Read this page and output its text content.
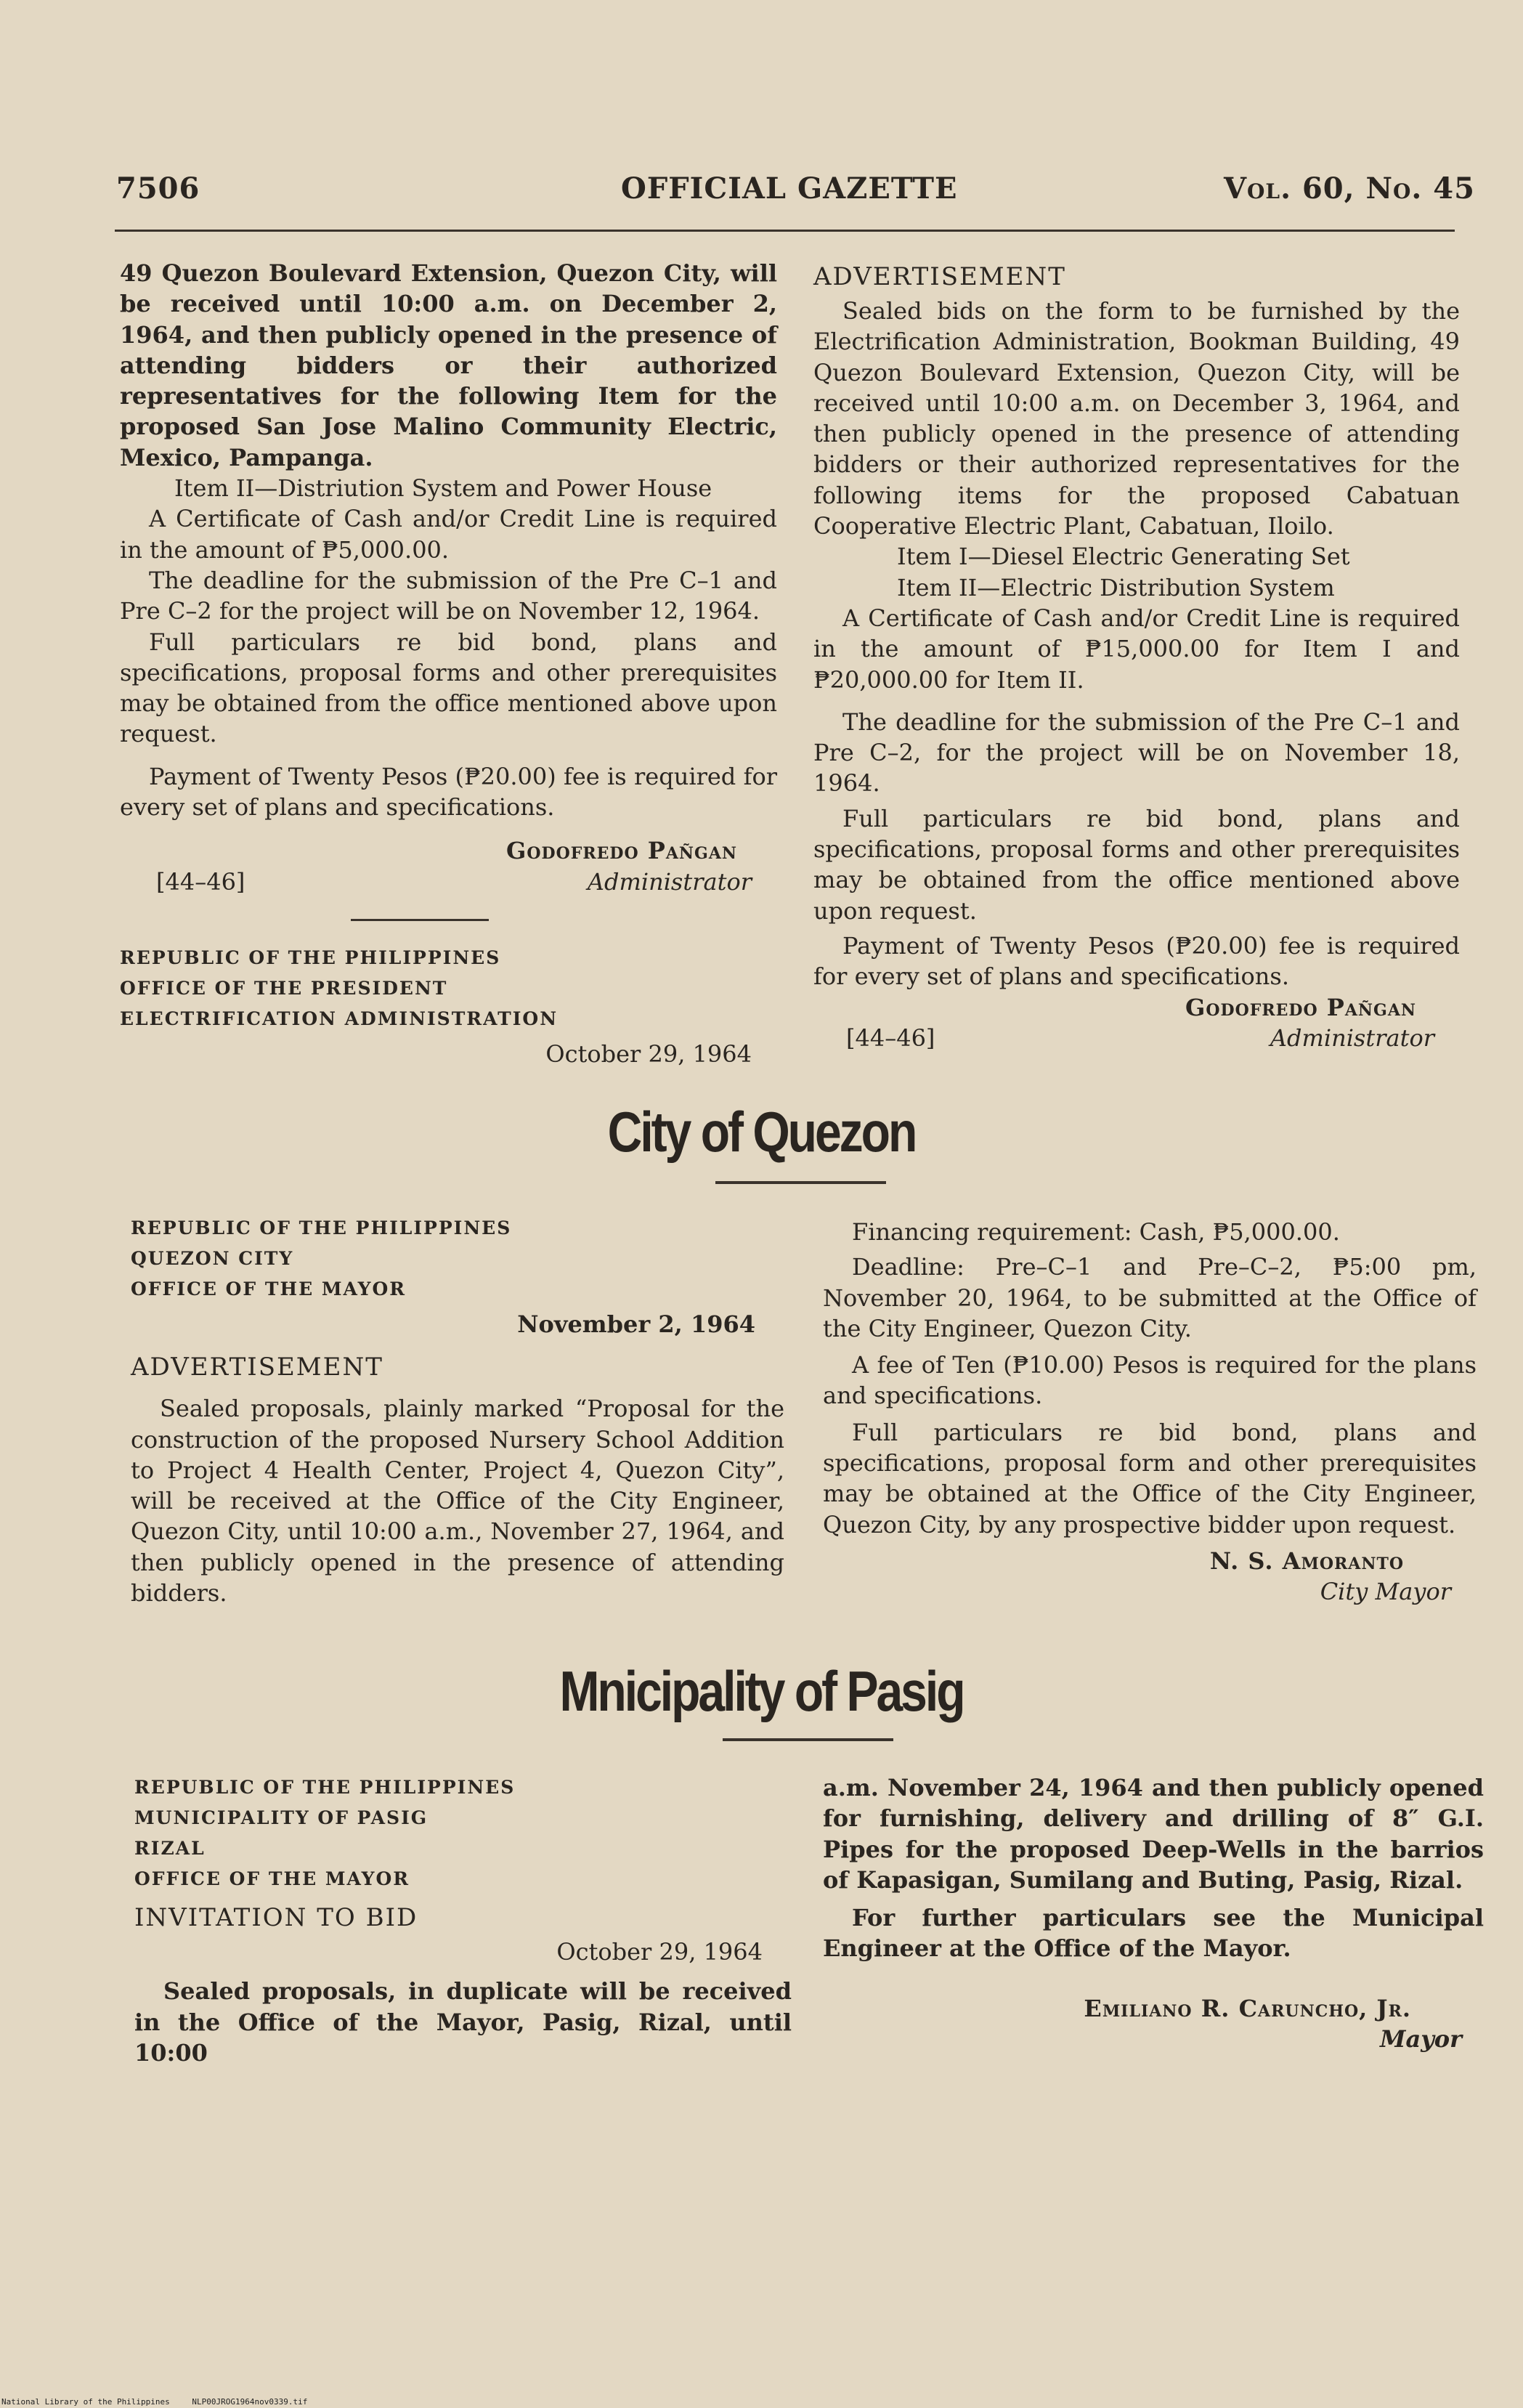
7506	OFFICIAL GAZETTE	Vol. 60, No. 45

49 Quezon Boulevard Extension, Quezon City, will be received until 10:00 a.m. on December 2, 1964, and then publicly opened in the presence of attending bidders or their authorized representatives for the following Item for the proposed San Jose Malino Community Electric, Mexico, Pampanga.

Item II—Distriution System and Power House

A Certificate of Cash and/or Credit Line is required in the amount of ₱5,000.00.

The deadline for the submission of the Pre C–1 and Pre C–2 for the project will be on November 12, 1964.

Full particulars re bid bond, plans and specifications, proposal forms and other prerequisites may be obtained from the office mentioned above upon request.

Payment of Twenty Pesos (₱20.00) fee is required for every set of plans and specifications.

Godofredo Pañgan

[44–46]	Administrator

REPUBLIC OF THE PHILIPPINES

OFFICE OF THE PRESIDENT

ELECTRIFICATION ADMINISTRATION

October 29, 1964

ADVERTISEMENT

Sealed bids on the form to be furnished by the Electrification Administration, Bookman Building, 49 Quezon Boulevard Extension, Quezon City, will be received until 10:00 a.m. on December 3, 1964, and then publicly opened in the presence of attending bidders or their authorized representatives for the following items for the proposed Cabatuan Cooperative Electric Plant, Cabatuan, Iloilo.

Item I—Diesel Electric Generating Set

Item II—Electric Distribution System

A Certificate of Cash and/or Credit Line is required in the amount of ₱15,000.00 for Item I and ₱20,000.00 for Item II.

The deadline for the submission of the Pre C–1 and Pre C–2, for the project will be on November 18, 1964.

Full particulars re bid bond, plans and specifications, proposal forms and other prerequisites may be obtained from the office mentioned above upon request.

Payment of Twenty Pesos (₱20.00) fee is required for every set of plans and specifications.

Godofredo Pañgan

[44–46]	Administrator
City of Quezon

REPUBLIC OF THE PHILIPPINES

QUEZON CITY

OFFICE OF THE MAYOR

November 2, 1964

ADVERTISEMENT

Sealed proposals, plainly marked “Proposal for the construction of the proposed Nursery School Addition to Project 4 Health Center, Project 4, Quezon City”, will be received at the Office of the City Engineer, Quezon City, until 10:00 a.m., November 27, 1964, and then publicly opened in the presence of attending bidders.

Financing requirement: Cash, ₱5,000.00.

Deadline: Pre–C–1 and Pre–C–2, ₱5:00 pm, November 20, 1964, to be submitted at the Office of the City Engineer, Quezon City.

A fee of Ten (₱10.00) Pesos is required for the plans and specifications.

Full particulars re bid bond, plans and specifications, proposal form and other prerequisites may be obtained at the Office of the City Engineer, Quezon City, by any prospective bidder upon request.

N. S. Amoranto

City Mayor

Mnicipality of Pasig

REPUBLIC OF THE PHILIPPINES

MUNICIPALITY OF PASIG

RIZAL

OFFICE OF THE MAYOR

INVITATION TO BID

October 29, 1964

Sealed proposals, in duplicate will be received in the Office of the Mayor, Pasig, Rizal, until 10:00

a.m. November 24, 1964 and then publicly opened for furnishing, delivery and drilling of 8″ G.I. Pipes for the proposed Deep-Wells in the barrios of Kapasigan, Sumilang and Buting, Pasig, Rizal.

For further particulars see the Municipal Engineer at the Office of the Mayor.

Emiliano R. Caruncho, Jr.

Mayor

National Library of the Philippines	NLP00JROG1964nov0339.tif
